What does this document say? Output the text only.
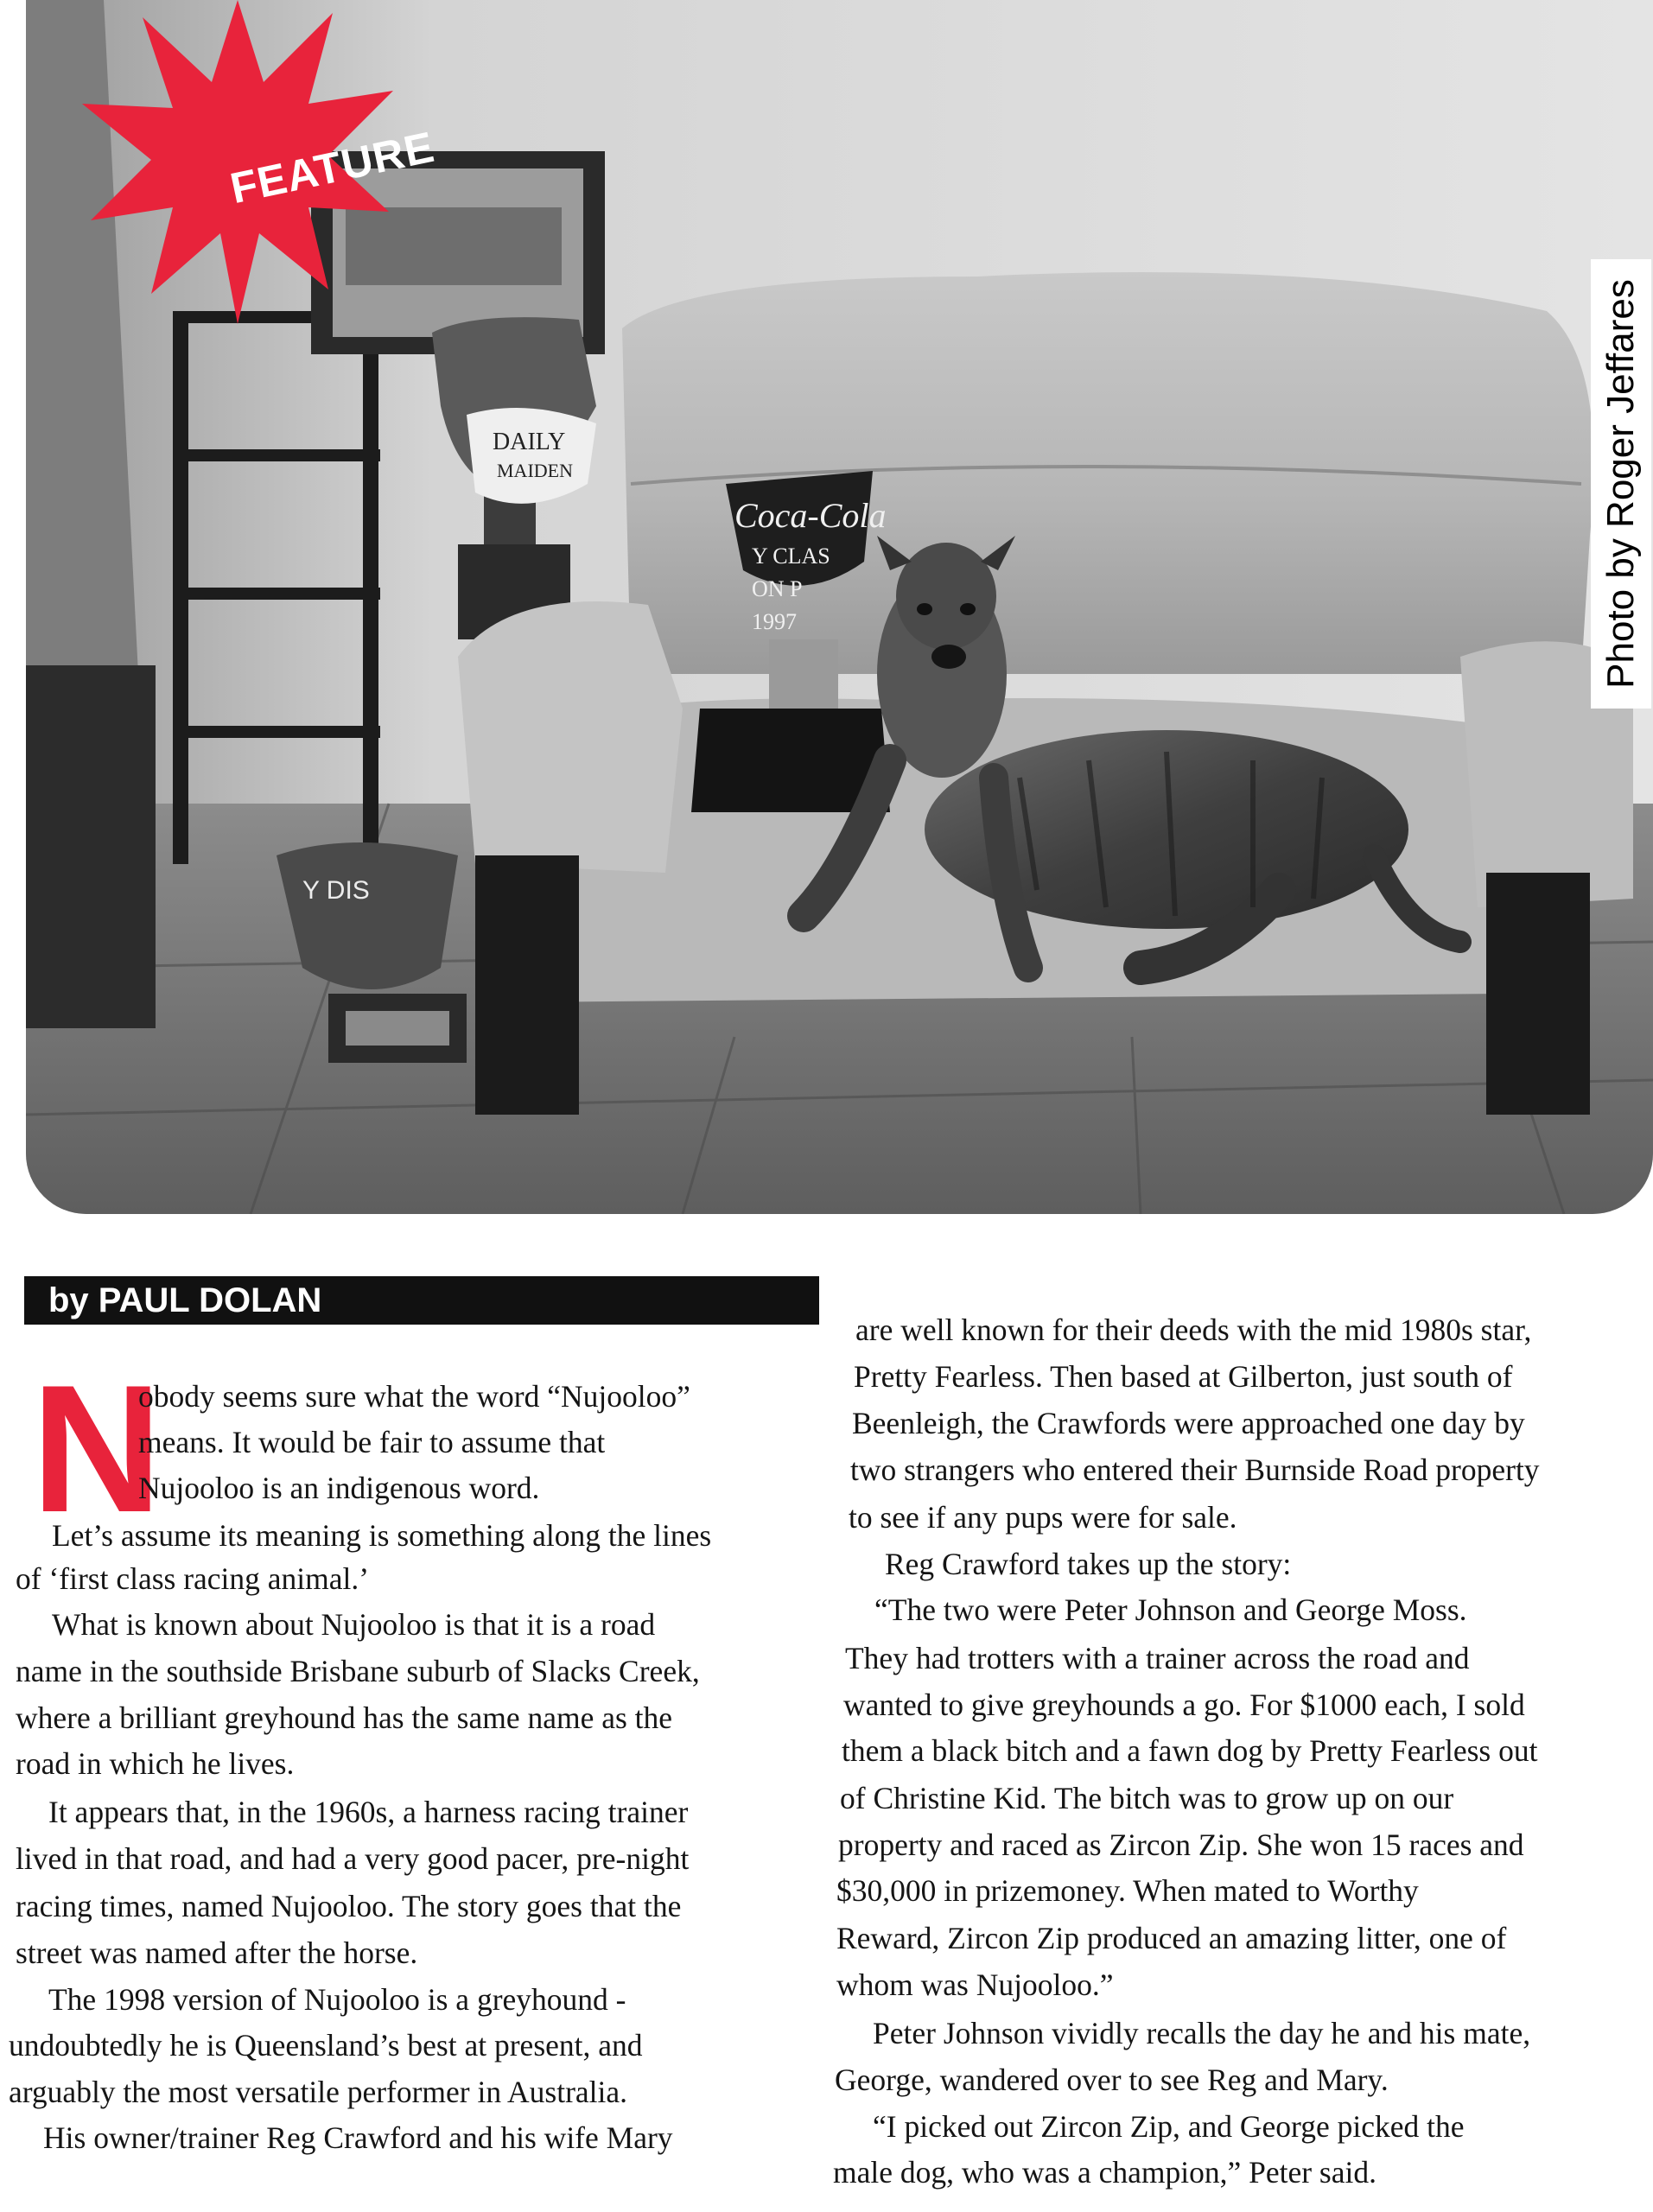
DAILY
MAIDEN
Coca-Cola
Y CLAS
ON P
1997
Y DIS
Photo by Roger Jeffares
FEATURE
by PAUL DOLAN
N
obody seems sure what the word “Nujooloo”
means. It would be fair to assume that
Nujooloo is an indigenous word.
Let’s assume its meaning is something along the lines
of ‘first class racing animal.’
What is known about Nujooloo is that it is a road
name in the southside Brisbane suburb of Slacks Creek,
where a brilliant greyhound has the same name as the
road in which he lives.
It appears that, in the 1960s, a harness racing trainer
lived in that road, and had a very good pacer, pre-night
racing times, named Nujooloo. The story goes that the
street was named after the horse.
The 1998 version of Nujooloo is a greyhound -
undoubtedly he is Queensland’s best at present, and
arguably the most versatile performer in Australia.
His owner/trainer Reg Crawford and his wife Mary
are well known for their deeds with the mid 1980s star,
Pretty Fearless. Then based at Gilberton, just south of
Beenleigh, the Crawfords were approached one day by
two strangers who entered their Burnside Road property
to see if any pups were for sale.
Reg Crawford takes up the story:
“The two were Peter Johnson and George Moss.
They had trotters with a trainer across the road and
wanted to give greyhounds a go. For $1000 each, I sold
them a black bitch and a fawn dog by Pretty Fearless out
of Christine Kid. The bitch was to grow up on our
property and raced as Zircon Zip. She won 15 races and
$30,000 in prizemoney. When mated to Worthy
Reward, Zircon Zip produced an amazing litter, one of
whom was Nujooloo.”
Peter Johnson vividly recalls the day he and his mate,
George, wandered over to see Reg and Mary.
“I picked out Zircon Zip, and George picked the
male dog, who was a champion,” Peter said.
